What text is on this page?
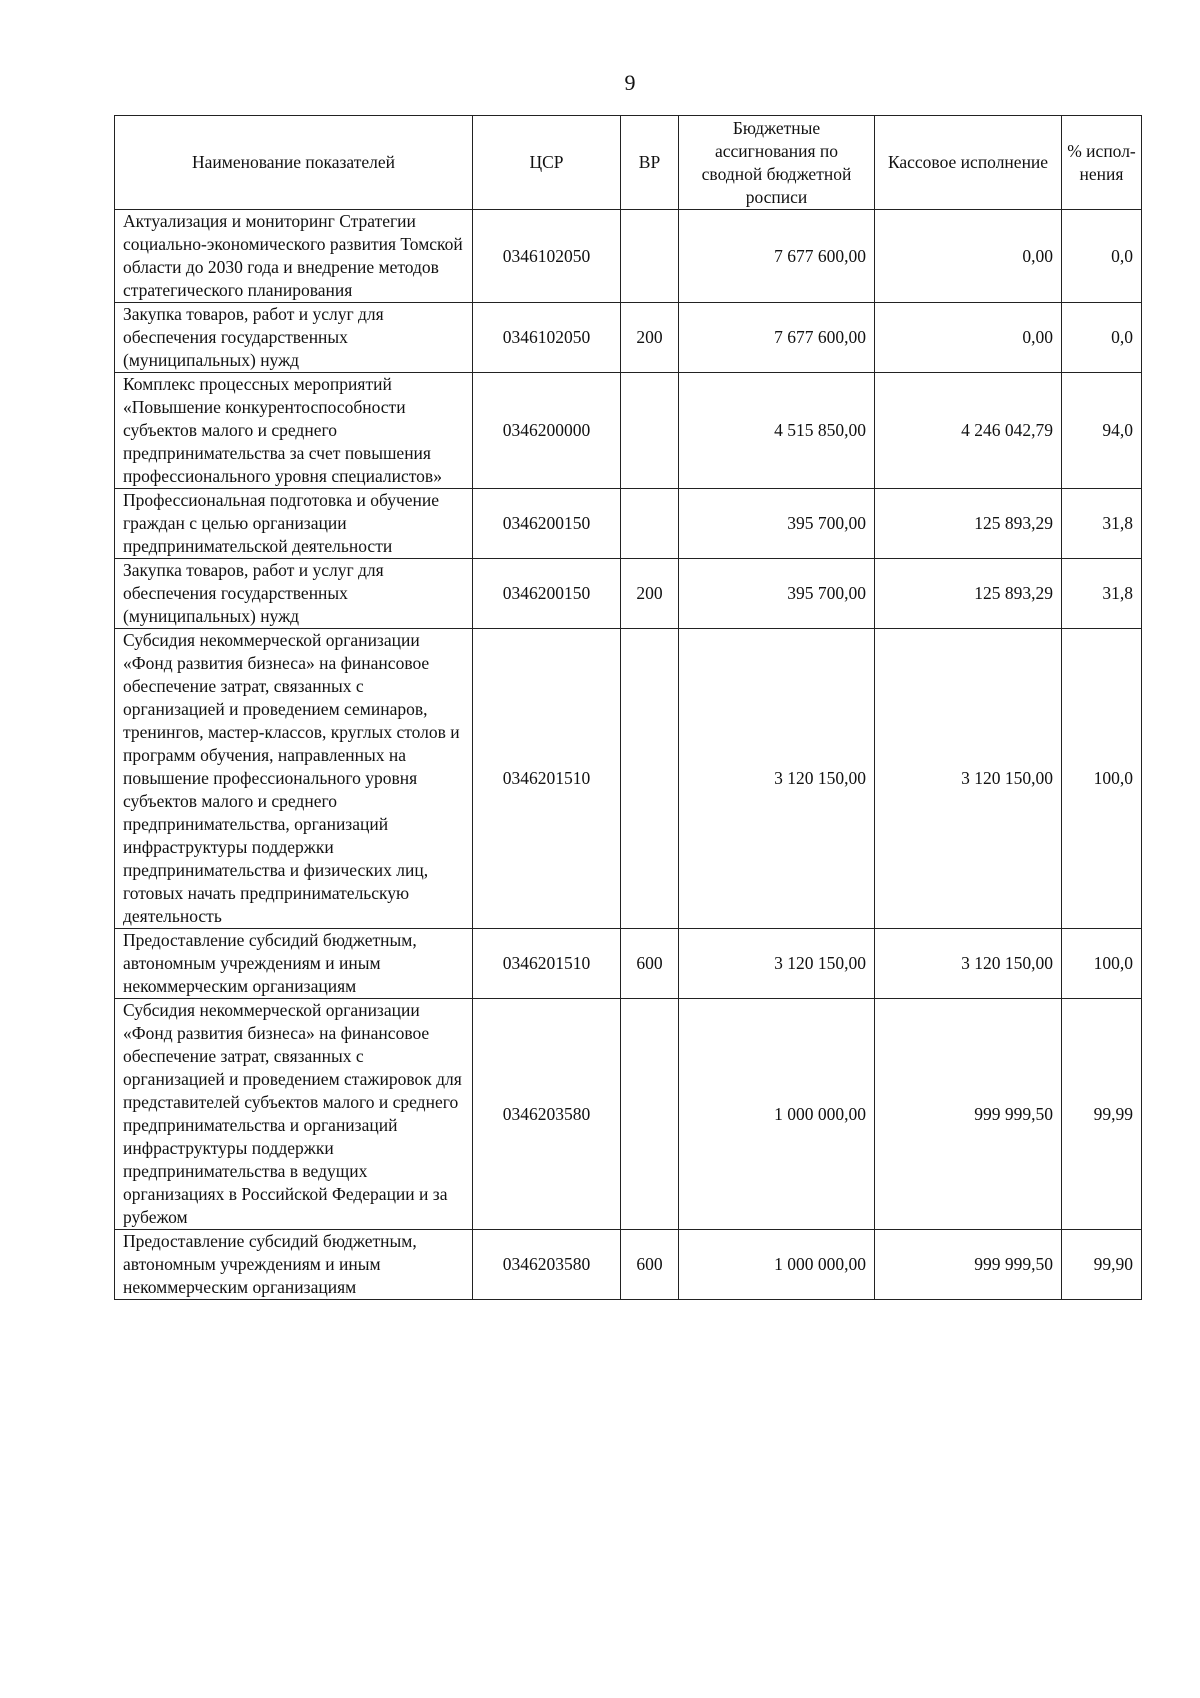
9
Наименование показателей	ЦСР	ВР	Бюджетные ассигнования по сводной бюджетной росписи	Кассовое исполнение	% испол-нения
Актуализация и мониторинг Стратегии социально-экономического развития Томской области до 2030 года и внедрение методов стратегического планирования	0346102050		7 677 600,00	0,00	0,0
Закупка товаров, работ и услуг для обеспечения государственных (муниципальных) нужд	0346102050	200	7 677 600,00	0,00	0,0
Комплекс процессных мероприятий «Повышение конкурентоспособности субъектов малого и среднего предпринимательства за счет повышения профессионального уровня специалистов»	0346200000		4 515 850,00	4 246 042,79	94,0
Профессиональная подготовка и обучение граждан с целью организации предпринимательской деятельности	0346200150		395 700,00	125 893,29	31,8
Закупка товаров, работ и услуг для обеспечения государственных (муниципальных) нужд	0346200150	200	395 700,00	125 893,29	31,8
Субсидия некоммерческой организации «Фонд развития бизнеса» на финансовое обеспечение затрат, связанных с организацией и проведением семинаров, тренингов, мастер-классов, круглых столов и программ обучения, направленных на повышение профессионального уровня субъектов малого и среднего предпринимательства, организаций инфраструктуры поддержки предпринимательства и физических лиц, готовых начать предпринимательскую деятельность	0346201510		3 120 150,00	3 120 150,00	100,0
Предоставление субсидий бюджетным, автономным учреждениям и иным некоммерческим организациям	0346201510	600	3 120 150,00	3 120 150,00	100,0
Субсидия некоммерческой организации «Фонд развития бизнеса» на финансовое обеспечение затрат, связанных с организацией и проведением стажировок для представителей субъектов малого и среднего предпринимательства и организаций инфраструктуры поддержки предпринимательства в ведущих организациях в Российской Федерации и за рубежом	0346203580		1 000 000,00	999 999,50	99,99
Предоставление субсидий бюджетным, автономным учреждениям и иным некоммерческим организациям	0346203580	600	1 000 000,00	999 999,50	99,90
